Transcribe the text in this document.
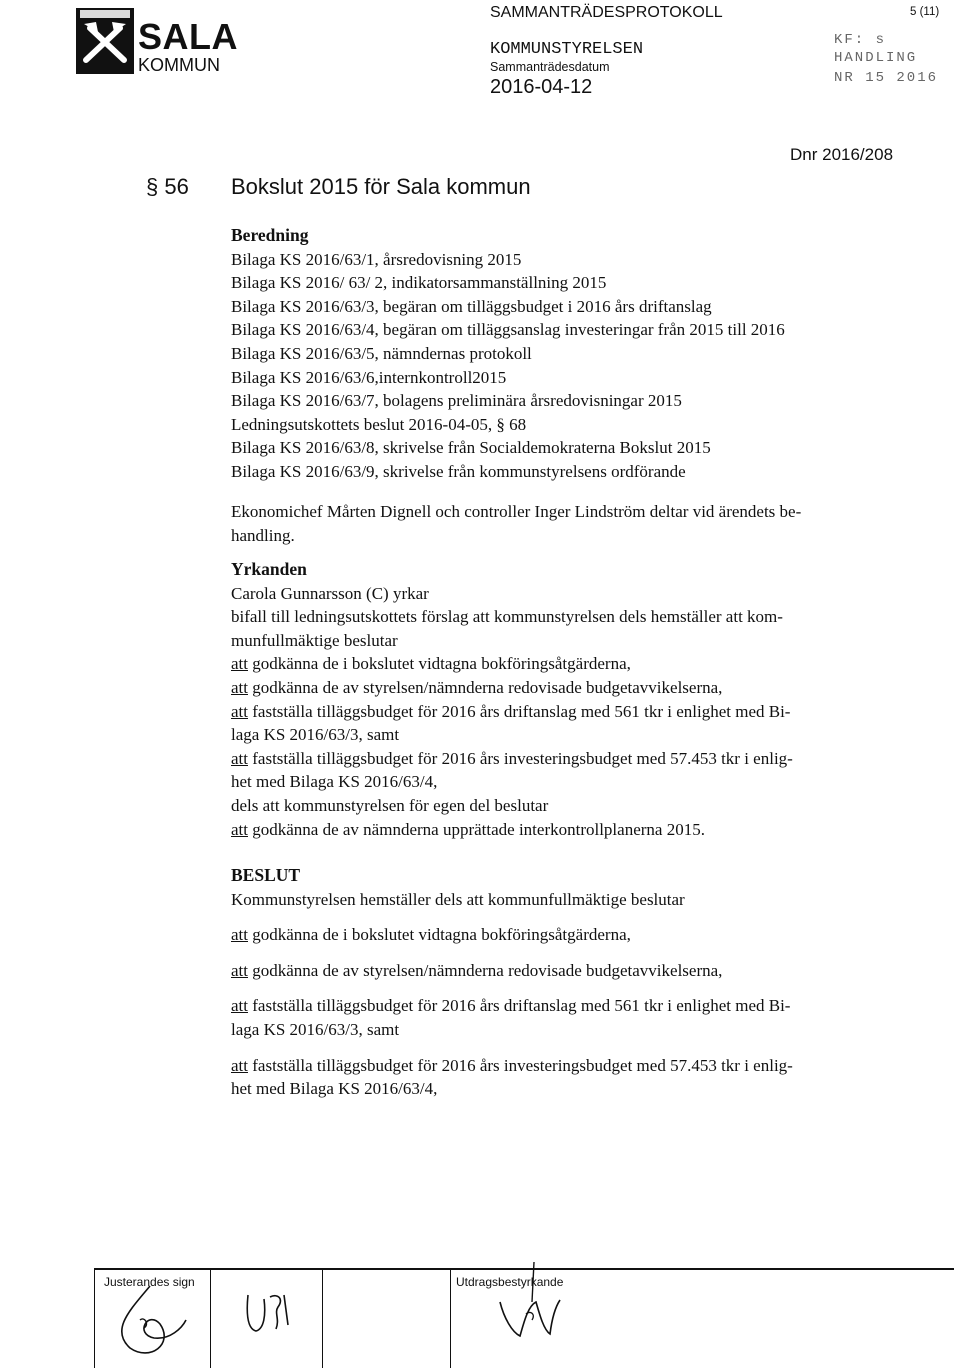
SALA
KOMMUN
SAMMANTRÄDESPROTOKOLL
KOMMUNSTYRELSEN
Sammanträdesdatum
2016-04-12
5 (11)
KF: s
HANDLING
NR 15 2016
Dnr 2016/208
§ 56 Bokslut 2015 för Sala kommun

Beredning

Bilaga KS 2016/63/1, årsredovisning 2015

Bilaga KS 2016/ 63/ 2, indikatorsammanställning 2015

Bilaga KS 2016/63/3, begäran om tilläggsbudget i 2016 års driftanslag

Bilaga KS 2016/63/4, begäran om tilläggsanslag investeringar från 2015 till 2016

Bilaga KS 2016/63/5, nämndernas protokoll

Bilaga KS 2016/63/6,internkontroll2015

Bilaga KS 2016/63/7, bolagens preliminära årsredovisningar 2015

Ledningsutskottets beslut 2016-04-05, § 68

Bilaga KS 2016/63/8, skrivelse från Socialdemokraterna Bokslut 2015

Bilaga KS 2016/63/9, skrivelse från kommunstyrelsens ordförande

Ekonomichef Mårten Dignell och controller Inger Lindström deltar vid ärendets be-

handling.

Yrkanden

Carola Gunnarsson (C) yrkar

bifall till ledningsutskottets förslag att kommunstyrelsen dels hemställer att kom-

munfullmäktige beslutar

att godkänna de i bokslutet vidtagna bokföringsåtgärderna,

att godkänna de av styrelsen/nämnderna redovisade budgetavvikelserna,

att fastställa tilläggsbudget för 2016 års driftanslag med 561 tkr i enlighet med Bi-

laga KS 2016/63/3, samt

att fastställa tilläggsbudget för 2016 års investeringsbudget med 57.453 tkr i enlig-

het med Bilaga KS 2016/63/4,

dels att kommunstyrelsen för egen del beslutar

att godkänna de av nämnderna upprättade interkontrollplanerna 2015.

BESLUT

Kommunstyrelsen hemställer dels att kommunfullmäktige beslutar

att godkänna de i bokslutet vidtagna bokföringsåtgärderna,

att godkänna de av styrelsen/nämnderna redovisade budgetavvikelserna,

att fastställa tilläggsbudget för 2016 års driftanslag med 561 tkr i enlighet med Bi-

laga KS 2016/63/3, samt

att fastställa tilläggsbudget för 2016 års investeringsbudget med 57.453 tkr i enlig-

het med Bilaga KS 2016/63/4,

Justerandes sign	Utdragsbestyrkande
